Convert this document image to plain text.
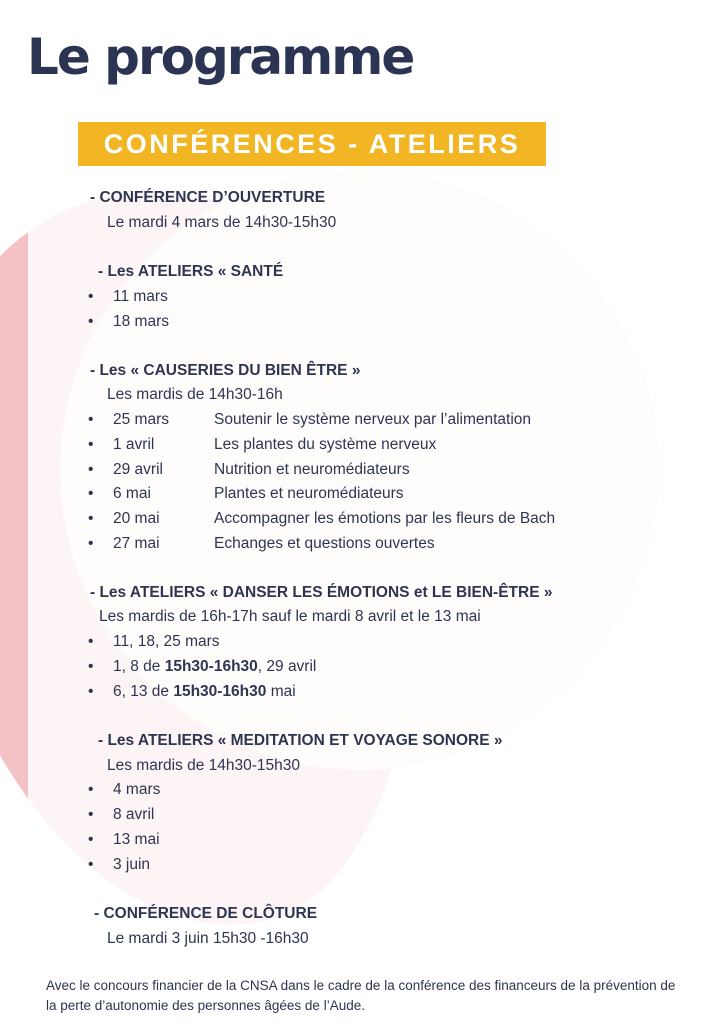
Le programme
CONFÉRENCES - ATELIERS
- CONFÉRENCE D’OUVERTURE
Le mardi 4 mars de 14h30-15h30
- Les ATELIERS « SANTÉ
• 11 mars
• 18 mars
- Les « CAUSERIES DU BIEN ÊTRE »
Les mardis de 14h30-16h
• 25 mars	Soutenir le système nerveux par l’alimentation
• 1 avril	Les plantes du système nerveux
• 29 avril	Nutrition et neuromédiateurs
• 6 mai	Plantes et neuromédiateurs
• 20 mai	Accompagner les émotions par les fleurs de Bach
• 27 mai	Echanges et questions ouvertes
- Les ATELIERS « DANSER LES ÉMOTIONS et LE BIEN-ÊTRE »
Les mardis de 16h-17h sauf le mardi 8 avril et le 13 mai
• 11, 18, 25 mars
• 1, 8 de 15h30-16h30, 29 avril
• 6, 13 de 15h30-16h30 mai
- Les ATELIERS « MEDITATION ET VOYAGE SONORE »
Les mardis de 14h30-15h30
• 4 mars
• 8 avril
• 13 mai
• 3 juin
- CONFÉRENCE DE CLÔTURE
Le mardi 3 juin 15h30 -16h30
Avec le concours financier de la CNSA dans le cadre de la conférence des financeurs de la prévention de la perte d’autonomie des personnes âgées de l’Aude.
